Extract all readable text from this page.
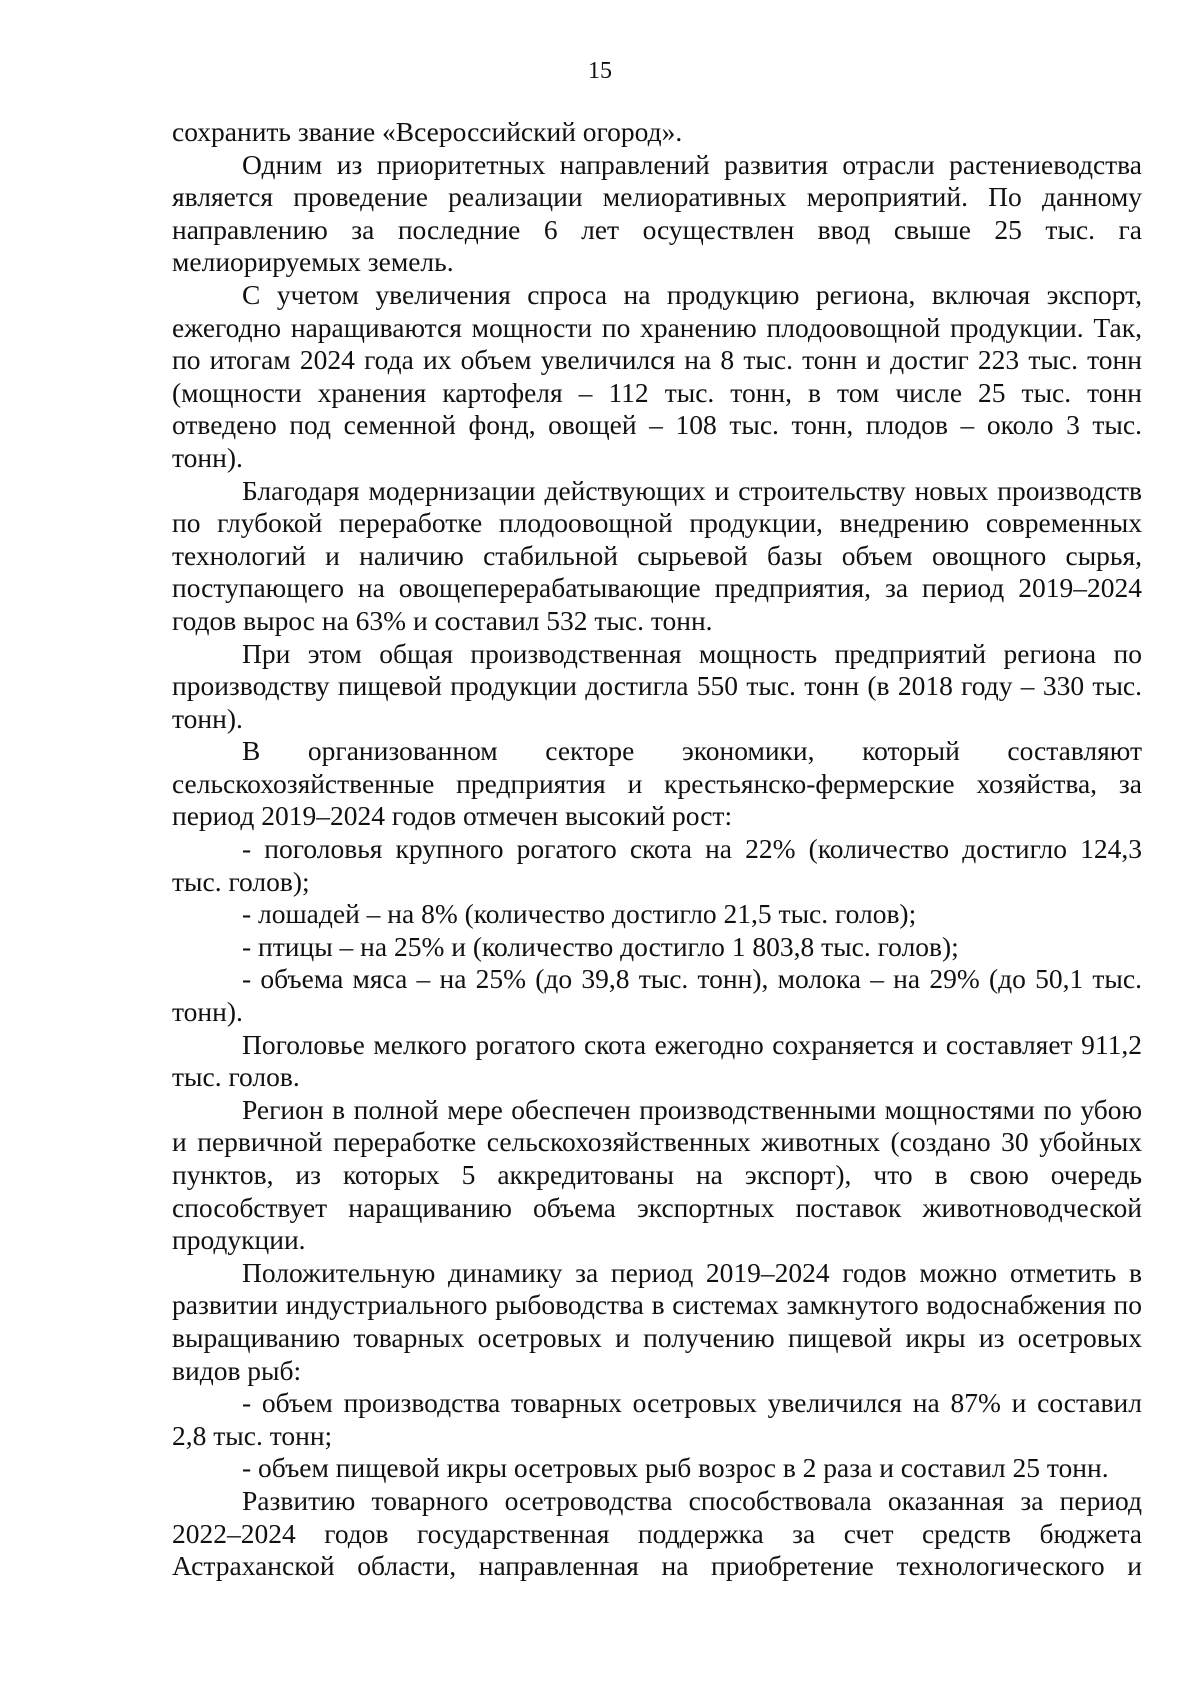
15

сохранить звание «Всероссийский огород».

Одним из приоритетных направлений развития отрасли растениеводства является проведение реализации мелиоративных мероприятий. По данному направлению за последние 6 лет осуществлен ввод свыше 25 тыс. га мелиорируемых земель.

С учетом увеличения спроса на продукцию региона, включая экспорт, ежегодно наращиваются мощности по хранению плодоовощной продукции. Так, по итогам 2024 года их объем увеличился на 8 тыс. тонн и достиг 223 тыс. тонн (мощности хранения картофеля – 112 тыс. тонн, в том числе 25 тыс. тонн отведено под семенной фонд, овощей – 108 тыс. тонн, плодов – около 3 тыс. тонн).

Благодаря модернизации действующих и строительству новых производств по глубокой переработке плодоовощной продукции, внедрению современных технологий и наличию стабильной сырьевой базы объем овощного сырья, поступающего на овощеперерабатывающие предприятия, за период 2019–2024 годов вырос на 63% и составил 532 тыс. тонн.

При этом общая производственная мощность предприятий региона по производству пищевой продукции достигла 550 тыс. тонн (в 2018 году – 330 тыс. тонн).

В организованном секторе экономики, который составляют сельскохозяйственные предприятия и крестьянско-фермерские хозяйства, за период 2019–2024 годов отмечен высокий рост:

- поголовья крупного рогатого скота на 22% (количество достигло 124,3 тыс. голов);

- лошадей – на 8% (количество достигло 21,5 тыс. голов);

- птицы – на 25% и (количество достигло 1 803,8 тыс. голов);

- объема мяса – на 25% (до 39,8 тыс. тонн), молока – на 29% (до 50,1 тыс. тонн).

Поголовье мелкого рогатого скота ежегодно сохраняется и составляет 911,2 тыс. голов.

Регион в полной мере обеспечен производственными мощностями по убою и первичной переработке сельскохозяйственных животных (создано 30 убойных пунктов, из которых 5 аккредитованы на экспорт), что в свою очередь способствует наращиванию объема экспортных поставок животноводческой продукции.

Положительную динамику за период 2019–2024 годов можно отметить в развитии индустриального рыбоводства в системах замкнутого водоснабжения по выращиванию товарных осетровых и получению пищевой икры из осетровых видов рыб:

- объем производства товарных осетровых увеличился на 87% и составил 2,8 тыс. тонн;

- объем пищевой икры осетровых рыб возрос в 2 раза и составил 25 тонн.

Развитию товарного осетроводства способствовала оказанная за период 2022–2024 годов государственная поддержка за счет средств бюджета Астраханской области, направленная на приобретение технологического и
